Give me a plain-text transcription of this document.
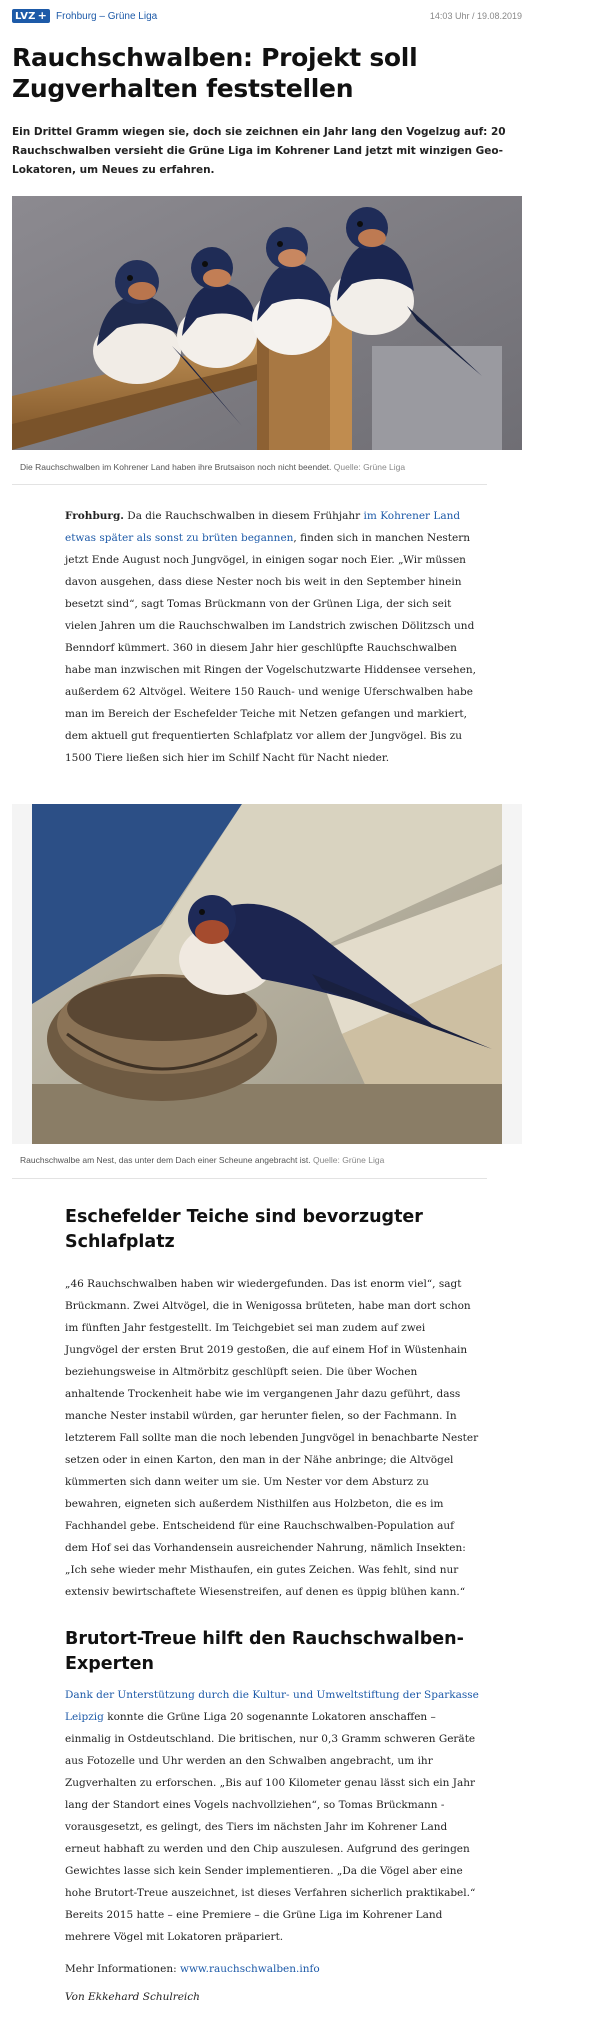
LVZ + Frohburg – Grüne Liga	14:03 Uhr / 19.08.2019
Rauchschwalben: Projekt soll Zugverhalten feststellen

Ein Drittel Gramm wiegen sie, doch sie zeichnen ein Jahr lang den Vogelzug auf: 20 Rauchschwalben versieht die Grüne Liga im Kohrener Land jetzt mit winzigen Geo-Lokatoren, um Neues zu erfahren.

Die Rauchschwalben im Kohrener Land haben ihre Brutsaison noch nicht beendet. Quelle: Grüne Liga
Frohburg. Da die Rauchschwalben in diesem Frühjahr im Kohrener Land etwas später als sonst zu brüten begannen, finden sich in manchen Nestern jetzt Ende August noch Jungvögel, in einigen sogar noch Eier. „Wir müssen davon ausgehen, dass diese Nester noch bis weit in den September hinein besetzt sind“, sagt Tomas Brückmann von der Grünen Liga, der sich seit vielen Jahren um die Rauchschwalben im Landstrich zwischen Dölitzsch und Benndorf kümmert. 360 in diesem Jahr hier geschlüpfte Rauchschwalben habe man inzwischen mit Ringen der Vogelschutzwarte Hiddensee versehen, außerdem 62 Altvögel. Weitere 150 Rauch- und wenige Uferschwalben habe man im Bereich der Eschefelder Teiche mit Netzen gefangen und markiert, dem aktuell gut frequentierten Schlafplatz vor allem der Jungvögel. Bis zu 1500 Tiere ließen sich hier im Schilf Nacht für Nacht nieder.
Rauchschwalbe am Nest, das unter dem Dach einer Scheune angebracht ist. Quelle: Grüne Liga
Eschefelder Teiche sind bevorzugter Schlafplatz
„46 Rauchschwalben haben wir wiedergefunden. Das ist enorm viel“, sagt Brückmann. Zwei Altvögel, die in Wenigossa brüteten, habe man dort schon im fünften Jahr festgestellt. Im Teichgebiet sei man zudem auf zwei Jungvögel der ersten Brut 2019 gestoßen, die auf einem Hof in Wüstenhain beziehungsweise in Altmörbitz geschlüpft seien. Die über Wochen anhaltende Trockenheit habe wie im vergangenen Jahr dazu geführt, dass manche Nester instabil würden, gar herunter fielen, so der Fachmann. In letzterem Fall sollte man die noch lebenden Jungvögel in benachbarte Nester setzen oder in einen Karton, den man in der Nähe anbringe; die Altvögel kümmerten sich dann weiter um sie. Um Nester vor dem Absturz zu bewahren, eigneten sich außerdem Nisthilfen aus Holzbeton, die es im Fachhandel gebe. Entscheidend für eine Rauchschwalben-Population auf dem Hof sei das Vorhandensein ausreichender Nahrung, nämlich Insekten: „Ich sehe wieder mehr Misthaufen, ein gutes Zeichen. Was fehlt, sind nur extensiv bewirtschaftete Wiesenstreifen, auf denen es üppig blühen kann.“
Brutort-Treue hilft den Rauchschwalben-Experten
Dank der Unterstützung durch die Kultur- und Umweltstiftung der Sparkasse Leipzig konnte die Grüne Liga 20 sogenannte Lokatoren anschaffen – einmalig in Ostdeutschland. Die britischen, nur 0,3 Gramm schweren Geräte aus Fotozelle und Uhr werden an den Schwalben angebracht, um ihr Zugverhalten zu erforschen. „Bis auf 100 Kilometer genau lässt sich ein Jahr lang der Standort eines Vogels nachvollziehen“, so Tomas Brückmann - vorausgesetzt, es gelingt, des Tiers im nächsten Jahr im Kohrener Land erneut habhaft zu werden und den Chip auszulesen. Aufgrund des geringen Gewichtes lasse sich kein Sender implementieren. „Da die Vögel aber eine hohe Brutort-Treue auszeichnet, ist dieses Verfahren sicherlich praktikabel.“ Bereits 2015 hatte – eine Premiere – die Grüne Liga im Kohrener Land mehrere Vögel mit Lokatoren präpariert.
Mehr Informationen: www.rauchschwalben.info
Von Ekkehard Schulreich
